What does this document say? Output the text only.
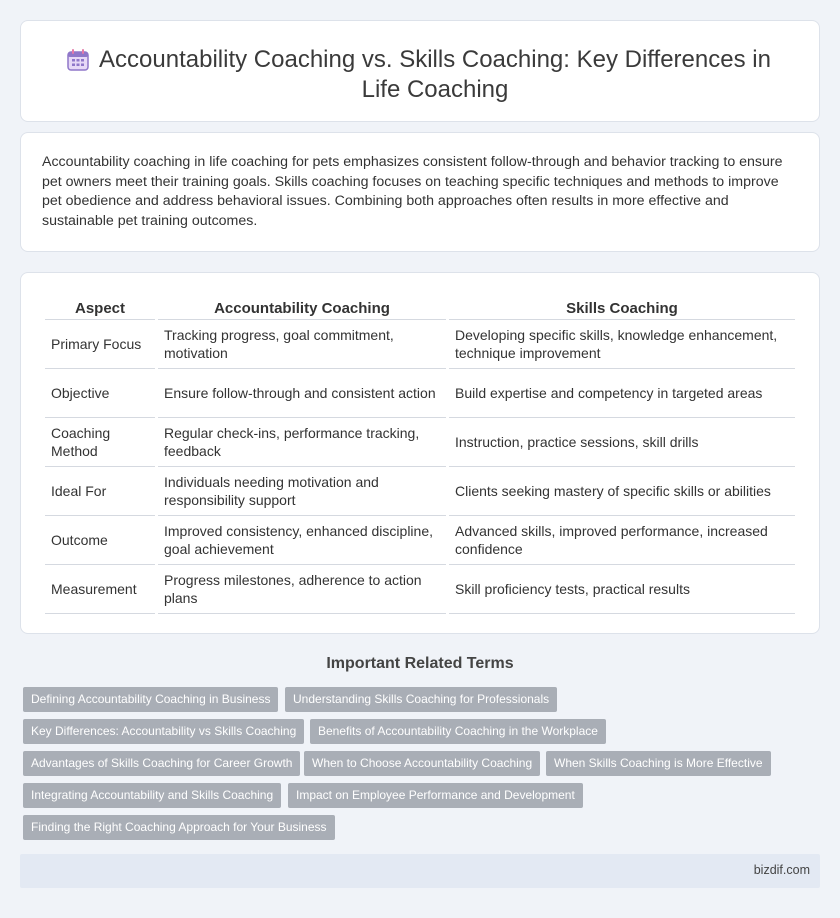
Accountability Coaching vs. Skills Coaching: Key Differences in Life Coaching

Accountability coaching in life coaching for pets emphasizes consistent follow-through and behavior tracking to ensure pet owners meet their training goals. Skills coaching focuses on teaching specific techniques and methods to improve pet obedience and address behavioral issues. Combining both approaches often results in more effective and sustainable pet training outcomes.

Aspect	Accountability Coaching	Skills Coaching
Primary Focus	Tracking progress, goal commitment, motivation	Developing specific skills, knowledge enhancement, technique improvement
Objective	Ensure follow-through and consistent action	Build expertise and competency in targeted areas
Coaching Method	Regular check-ins, performance tracking, feedback	Instruction, practice sessions, skill drills
Ideal For	Individuals needing motivation and responsibility support	Clients seeking mastery of specific skills or abilities
Outcome	Improved consistency, enhanced discipline, goal achievement	Advanced skills, improved performance, increased confidence
Measurement	Progress milestones, adherence to action plans	Skill proficiency tests, practical results
Important Related Terms
Defining Accountability Coaching in Business	Understanding Skills Coaching for Professionals
Key Differences: Accountability vs Skills Coaching	Benefits of Accountability Coaching in the Workplace
Advantages of Skills Coaching for Career Growth	When to Choose Accountability Coaching	When Skills Coaching is More Effective
Integrating Accountability and Skills Coaching	Impact on Employee Performance and Development
Finding the Right Coaching Approach for Your Business
bizdif.com
